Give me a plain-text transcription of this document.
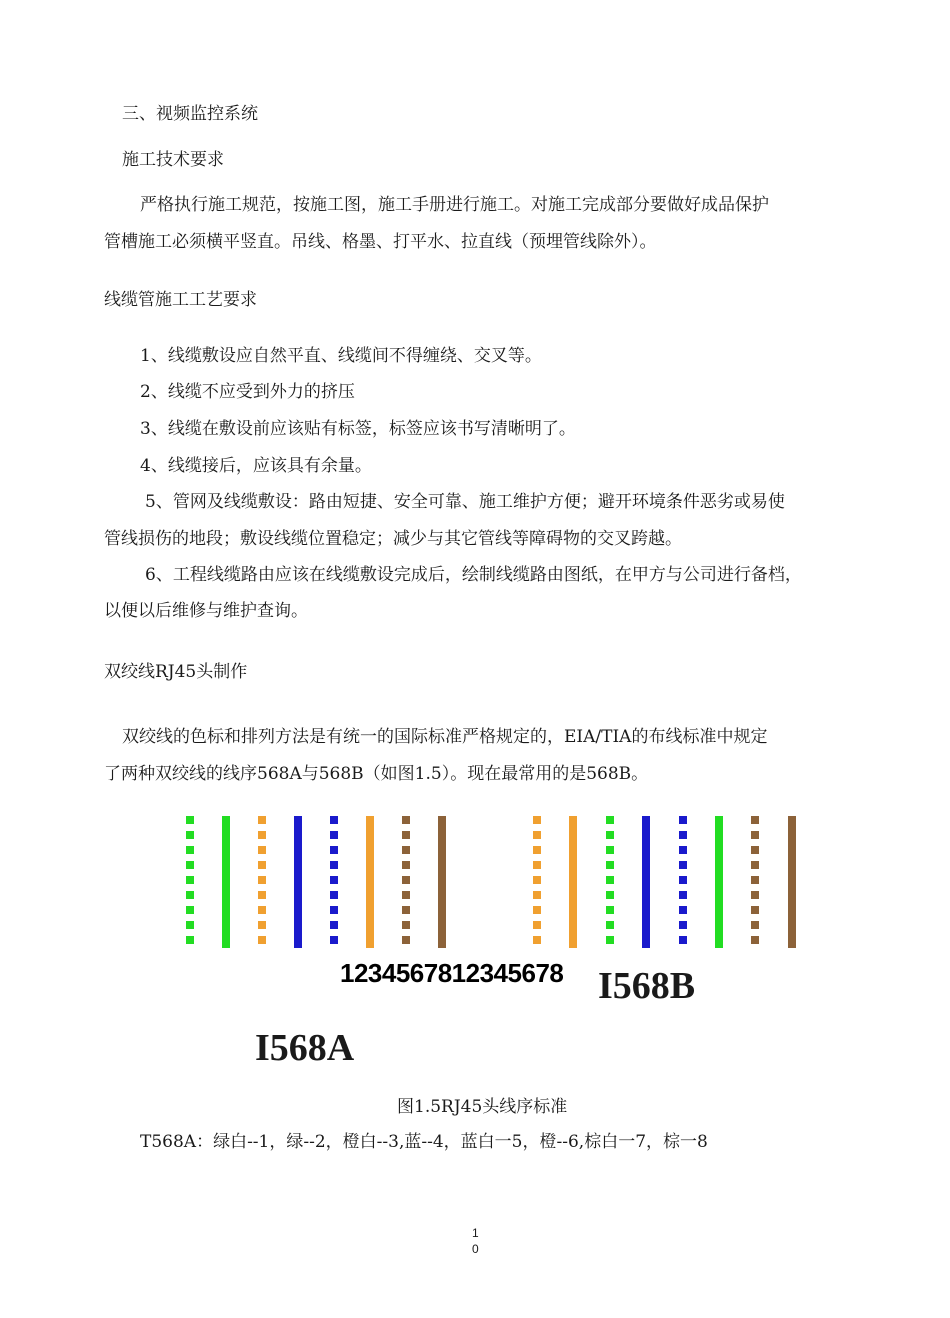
三、视频监控系统
施工技术要求
严格执行施工规范，按施工图，施工手册进行施工。对施工完成部分要做好成品保护
管槽施工必须横平竖直。吊线、格墨、打平水、拉直线（预埋管线除外）。
线缆管施工工艺要求
1、线缆敷设应自然平直、线缆间不得缠绕、交叉等。
2、线缆不应受到外力的挤压
3、线缆在敷设前应该贴有标签，标签应该书写清晰明了。
4、线缆接后，应该具有余量。
5、管网及线缆敷设：路由短捷、安全可靠、施工维护方便；避开环境条件恶劣或易使
管线损伤的地段；敷设线缆位置稳定；减少与其它管线等障碍物的交叉跨越。
6、工程线缆路由应该在线缆敷设完成后，绘制线缆路由图纸，在甲方与公司进行备档，
以便以后维修与维护查询。
双绞线RJ45头制作
双绞线的色标和排列方法是有统一的国际标准严格规定的，EIA/TIA的布线标准中规定
了两种双绞线的线序568A与568B（如图1.5）。现在最常用的是568B。
1234567812345678 I568B
I568A
图1.5RJ45头线序标准
T568A：绿白--1，绿--2，橙白--3,蓝--4，蓝白一5，橙--6,棕白一7，棕一8
1
0
